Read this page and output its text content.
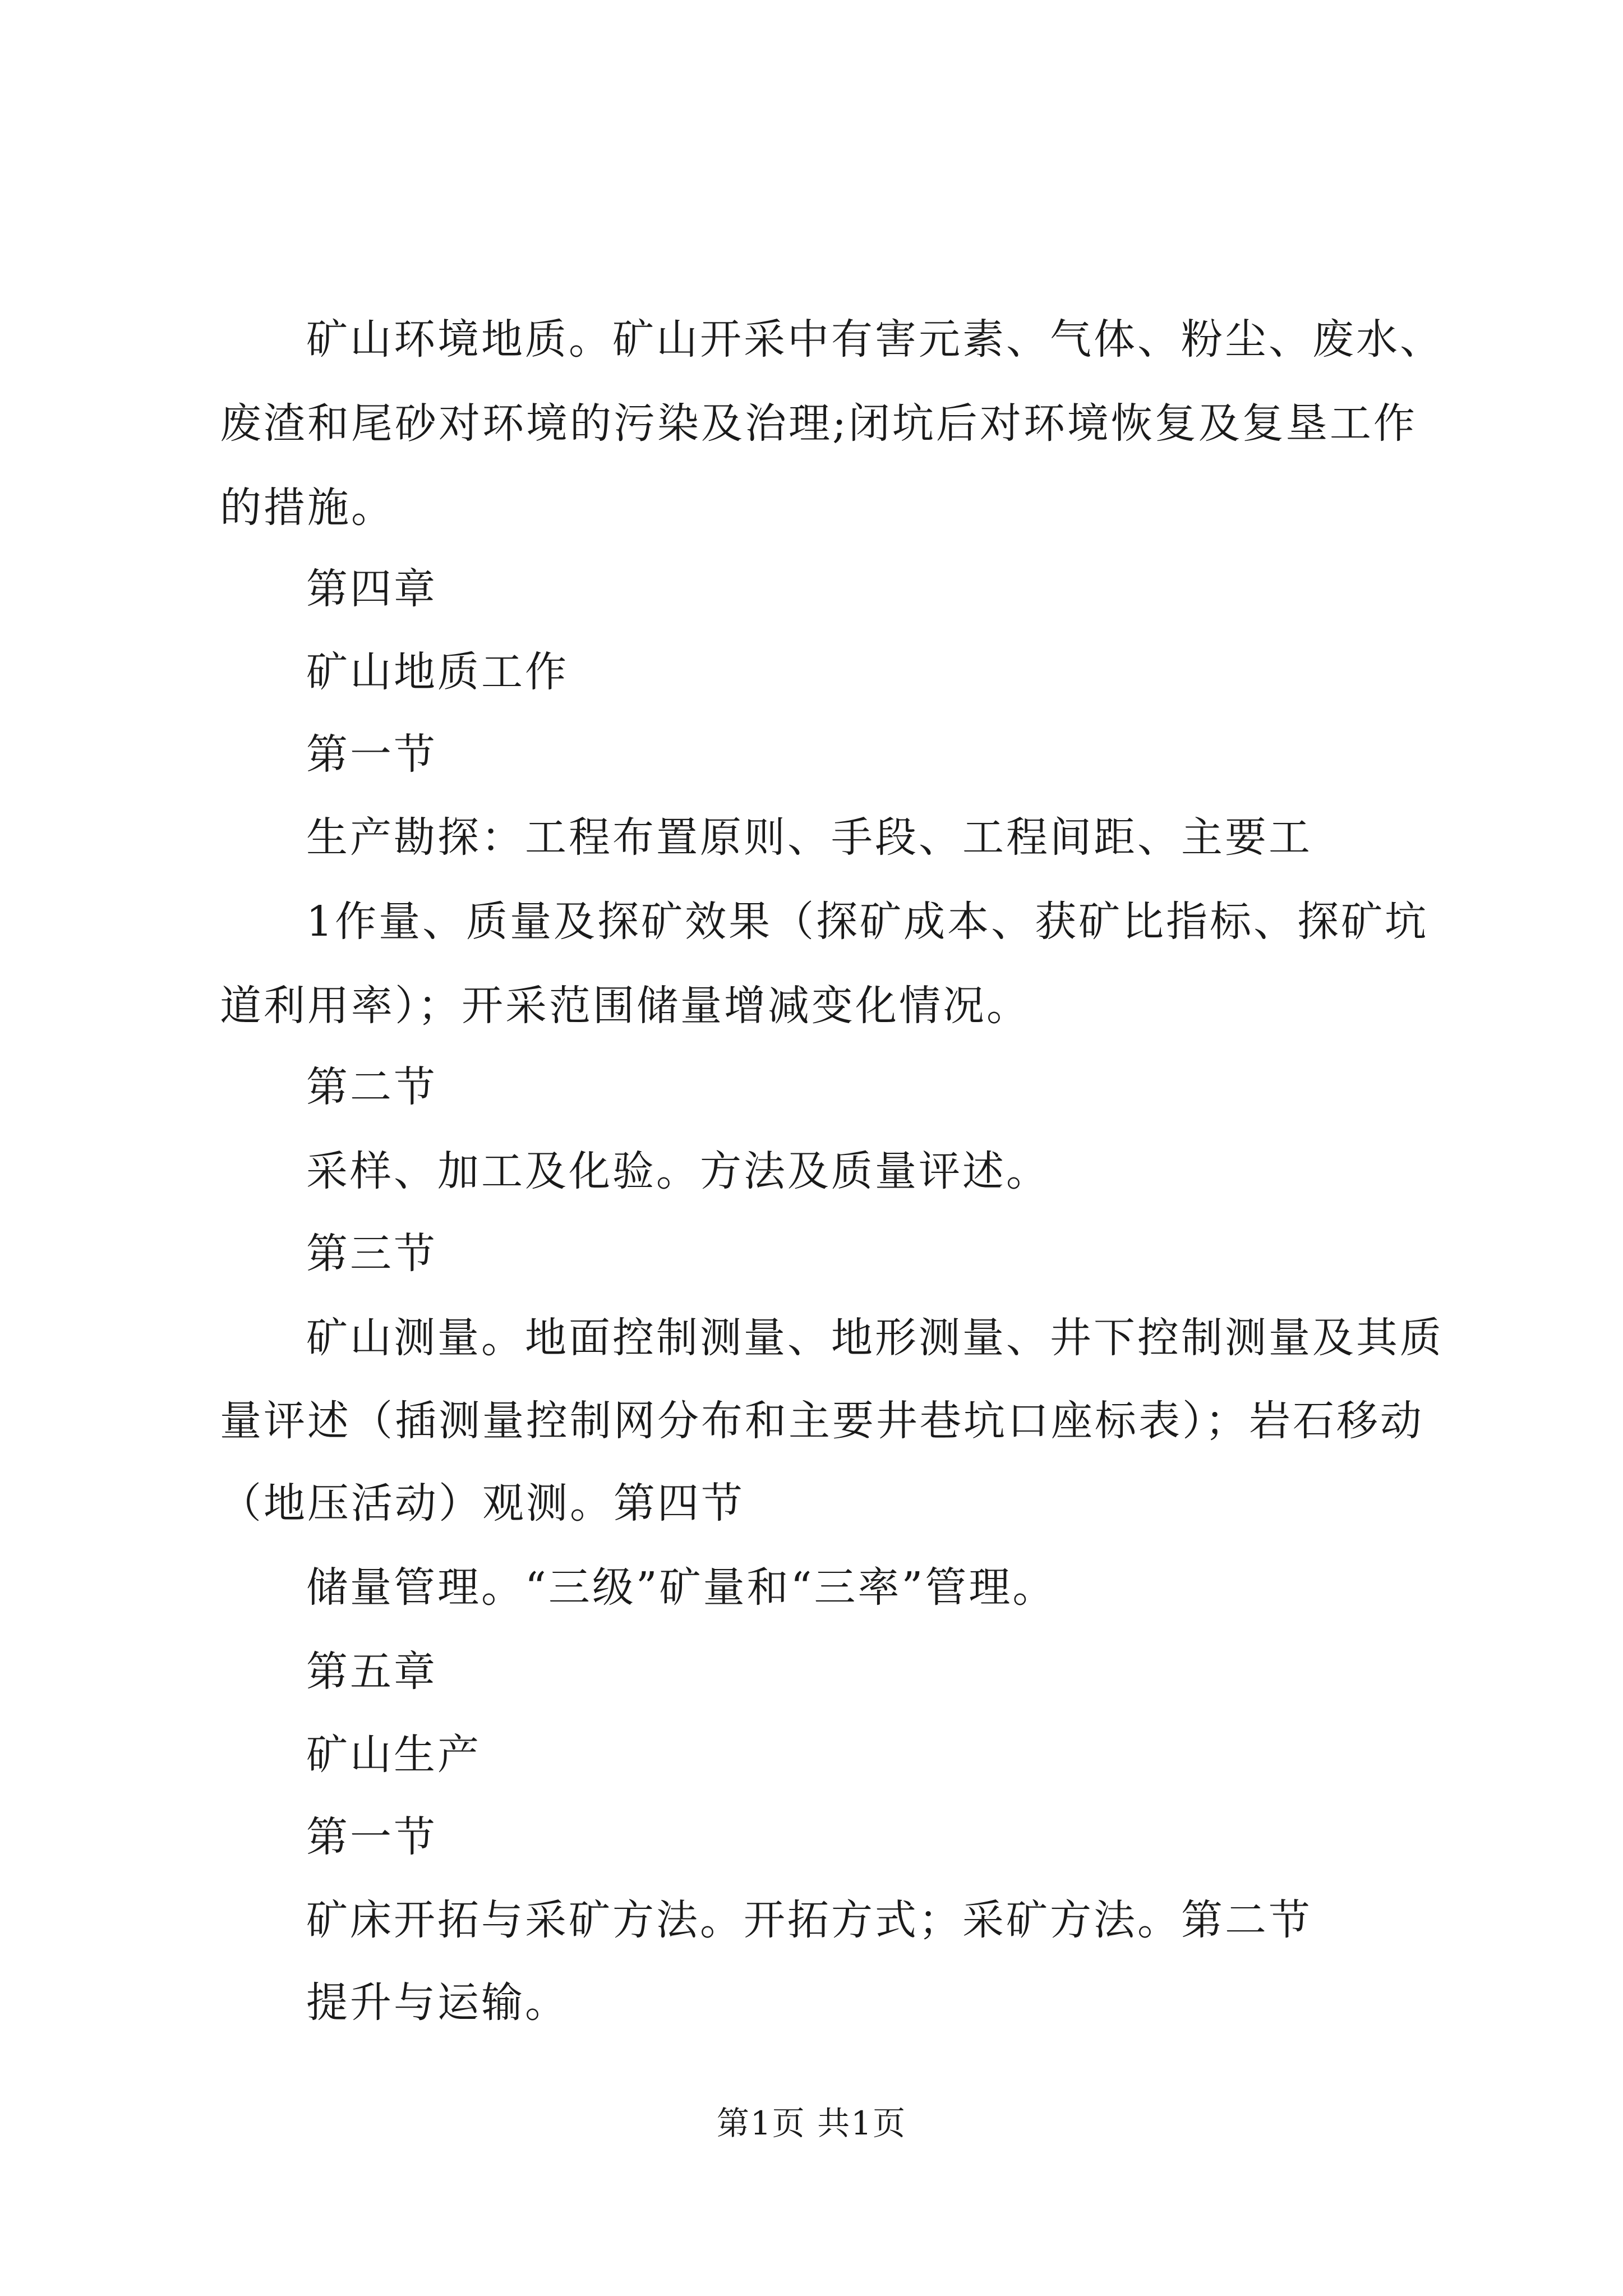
矿山环境地质。矿山开采中有害元素、气体、粉尘、废水、
废渣和尾砂对环境的污染及治理;闭坑后对环境恢复及复垦工作
的措施。
第四章
矿山地质工作
第一节
生产勘探：工程布置原则、手段、工程间距、主要工
1作量、质量及探矿效果（探矿成本、获矿比指标、探矿坑
道利用率）；开采范围储量增减变化情况。
第二节
采样、加工及化验。方法及质量评述。
第三节
矿山测量。地面控制测量、地形测量、井下控制测量及其质
量评述（插测量控制网分布和主要井巷坑口座标表）；岩石移动
（地压活动）观测。第四节
储量管理。“三级”矿量和“三率”管理。
第五章
矿山生产
第一节
矿床开拓与采矿方法。开拓方式；采矿方法。第二节
提升与运输。
第1页 共1页
